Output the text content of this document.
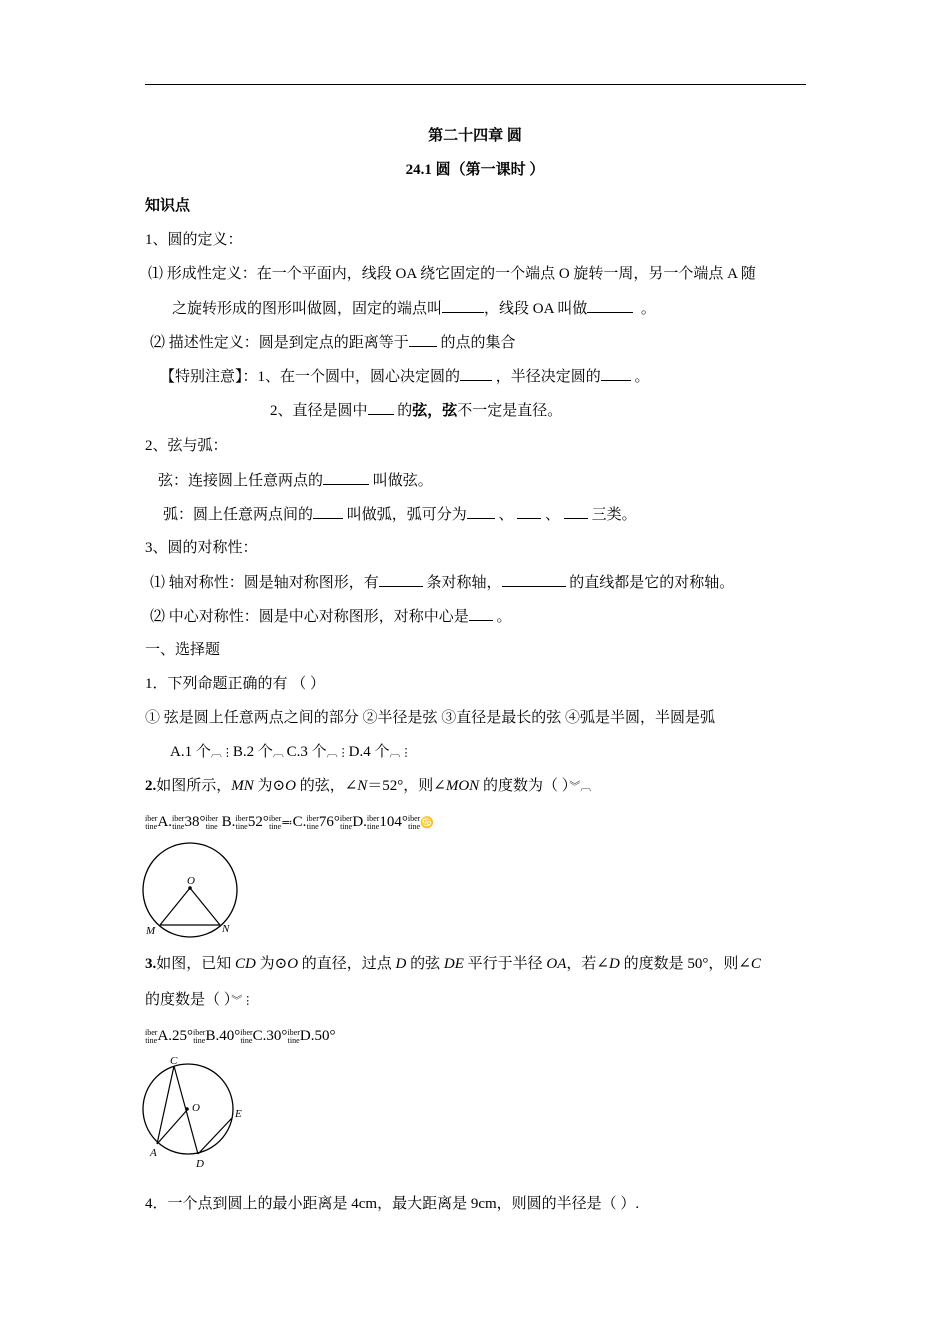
第二十四章 圆
24.1 圆（第一课时 ）
知识点
1、圆的定义：
⑴ 形成性定义：在一个平面内，线段 OA 绕它固定的一个端点 O 旋转一周，另一个端点 A 随
之旋转形成的图形叫做圆，固定的端点叫	，线段 OA 叫做	。
⑵ 描述性定义：圆是到定点的距离等于 的点的集合
【特别注意】：1、在一个圆中，圆心决定圆的 ，半径决定圆的 。
2、直径是圆中 的弦，弦不一定是直径。
2、弦与弧：
弦：连接圆上任意两点的	叫做弦。
弧：圆上任意两点间的 叫做弧，弧可分为 、 、 三类。
3、圆的对称性：
⑴ 轴对称性：圆是轴对称图形，有	条对称轴，	的直线都是它的对称轴。
⑵ 中心对称性：圆是中心对称图形，对称中心是 。
一、选择题
1．下列命题正确的有 （ ）
① 弦是圆上任意两点之间的部分 ②半径是弦 ③直径是最长的弦 ④弧是半圆，半圆是弧
A.1 个︹⋮B.2 个︹ C.3 个︹⋮D.4 个︹⋮
2.如图所示，MN 为⊙O 的弦，∠N＝52°，则∠MON 的度数为（ ）︾︹
iber
tine A. iber
tine 38° iber
tine B. iber
tine 52° iber
tine ≕C. iber
tine 76° iber
tine D. iber
tine 104° iber
tine ♋
O
M	N
3.如图，已知 CD 为⊙O 的直径，过点 D 的弦 DE 平行于半径 OA，若∠D 的度数是 50°，则∠C
的度数是（ ）︾⋮
iber
tine A.25° iber
tine B.40° iber
tine C.30° iber
tine D.50°
C
O	E
A
D
4．一个点到圆上的最小距离是 4cm，最大距离是 9cm，则圆的半径是（ ）.
